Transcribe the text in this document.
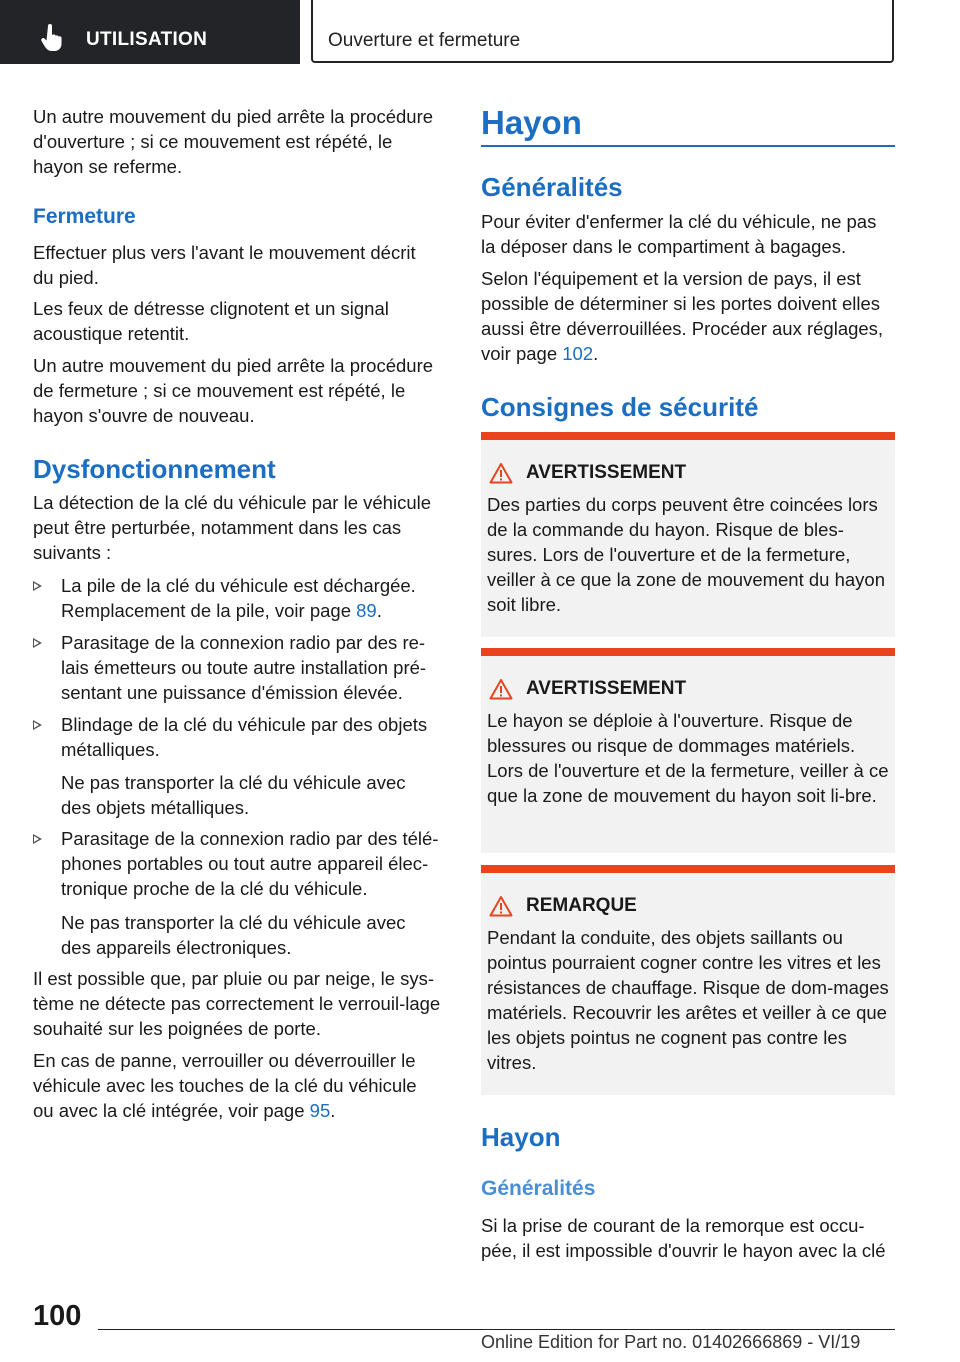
UTILISATION	Ouverture et fermeture

Un autre mouvement du pied arrête la procédure d'ouverture ; si ce mouvement est répété, le hayon se referme.

Fermeture

Effectuer plus vers l'avant le mouvement décrit du pied.

Les feux de détresse clignotent et un signal acoustique retentit.

Un autre mouvement du pied arrête la procédure de fermeture ; si ce mouvement est répété, le hayon s'ouvre de nouveau.

Dysfonctionnement

La détection de la clé du véhicule par le véhicule peut être perturbée, notamment dans les cas suivants :

La pile de la clé du véhicule est déchargée. Remplacement de la pile, voir page 89.

Parasitage de la connexion radio par des re-lais émetteurs ou toute autre installation pré-sentant une puissance d'émission élevée.

Blindage de la clé du véhicule par des objets métalliques.

Ne pas transporter la clé du véhicule avec des objets métalliques.

Parasitage de la connexion radio par des télé-phones portables ou tout autre appareil élec-tronique proche de la clé du véhicule.

Ne pas transporter la clé du véhicule avec des appareils électroniques.

Il est possible que, par pluie ou par neige, le sys-tème ne détecte pas correctement le verrouil-lage souhaité sur les poignées de porte.

En cas de panne, verrouiller ou déverrouiller le véhicule avec les touches de la clé du véhicule ou avec la clé intégrée, voir page 95.

Hayon
Généralités

Pour éviter d'enfermer la clé du véhicule, ne pas la déposer dans le compartiment à bagages.

Selon l'équipement et la version de pays, il est possible de déterminer si les portes doivent elles aussi être déverrouillées. Procéder aux réglages, voir page 102.

Consignes de sécurité

AVERTISSEMENT

Des parties du corps peuvent être coincées lors de la commande du hayon. Risque de bles-sures. Lors de l'ouverture et de la fermeture, veiller à ce que la zone de mouvement du hayon soit libre.

AVERTISSEMENT

Le hayon se déploie à l'ouverture. Risque de blessures ou risque de dommages matériels. Lors de l'ouverture et de la fermeture, veiller à ce que la zone de mouvement du hayon soit li-bre.

REMARQUE

Pendant la conduite, des objets saillants ou pointus pourraient cogner contre les vitres et les résistances de chauffage. Risque de dom-mages matériels. Recouvrir les arêtes et veiller à ce que les objets pointus ne cognent pas contre les vitres.

Hayon
Généralités

Si la prise de courant de la remorque est occu-pée, il est impossible d'ouvrir le hayon avec la clé

100
Online Edition for Part no. 01402666869 - VI/19
